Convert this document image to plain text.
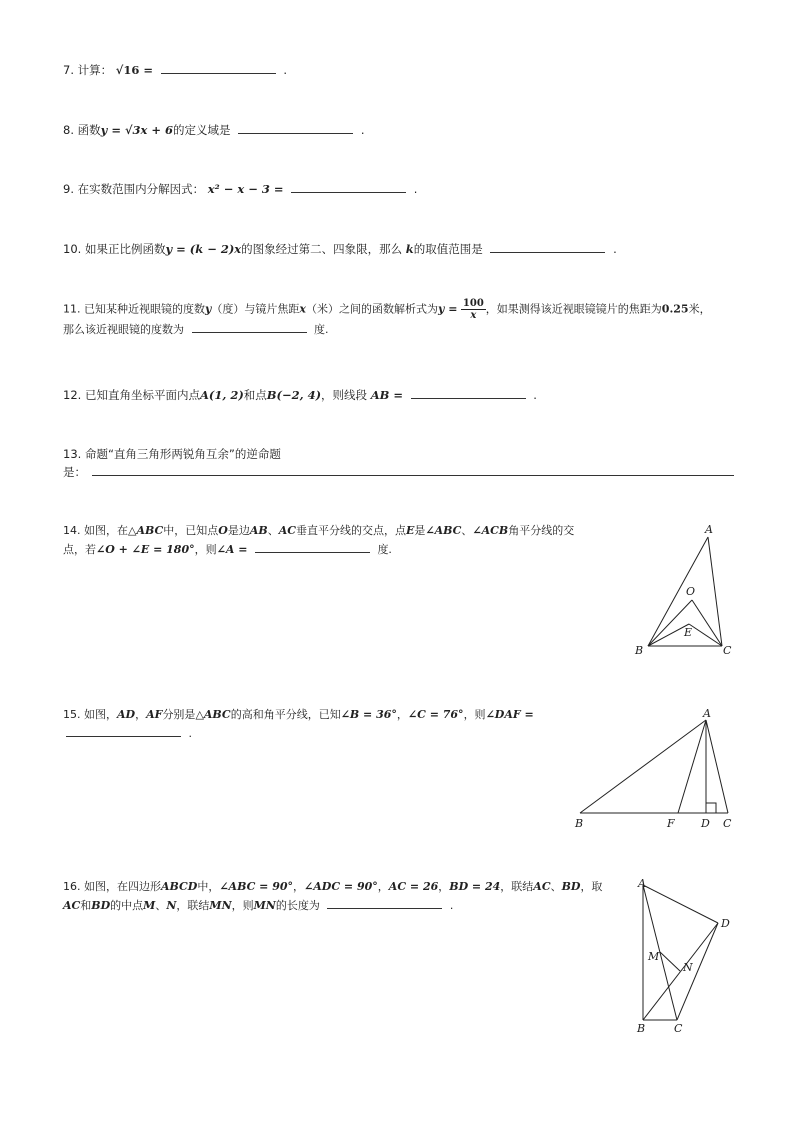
7. 计算： √16 =	.
8. 函数y = √3x + 6的定义域是	.
9. 在实数范围内分解因式： x² − x − 3 =	.
10. 如果正比例函数y = (k − 2)x的图象经过第二、四象限，那么 k的取值范围是	.
11. 已知某种近视眼镜的度数y（度）与镜片焦距x（米）之间的函数解析式为$y = \frac{100}{x}$ ，如果测得该近视眼镜镜片的焦距为0.25米，
那么该近视眼镜的度数为	度.
12. 已知直角坐标平面内点A(1, 2)和点B(−2, 4)，则线段 AB =	.
13. 命题“直角三角形两锐角互余”的逆命题
是：
14. 如图，在△ABC中，已知点O是边AB、AC垂直平分线的交点，点E是∠ABC、∠ACB角平分线的交
点，若∠O + ∠E = 180°，则∠A =	度.
A
B	C
O
E
15. 如图，AD，AF分别是△ABC的高和角平分线，已知∠B = 36°，∠C = 76°，则∠DAF =
.
A
B	F D C
16. 如图，在四边形ABCD中，∠ABC = 90°，∠ADC = 90°，AC = 26，BD = 24，联结AC、BD，取
AC和BD的中点M、N，联结MN，则MN的长度为	.
A
B	C
D
M
N
